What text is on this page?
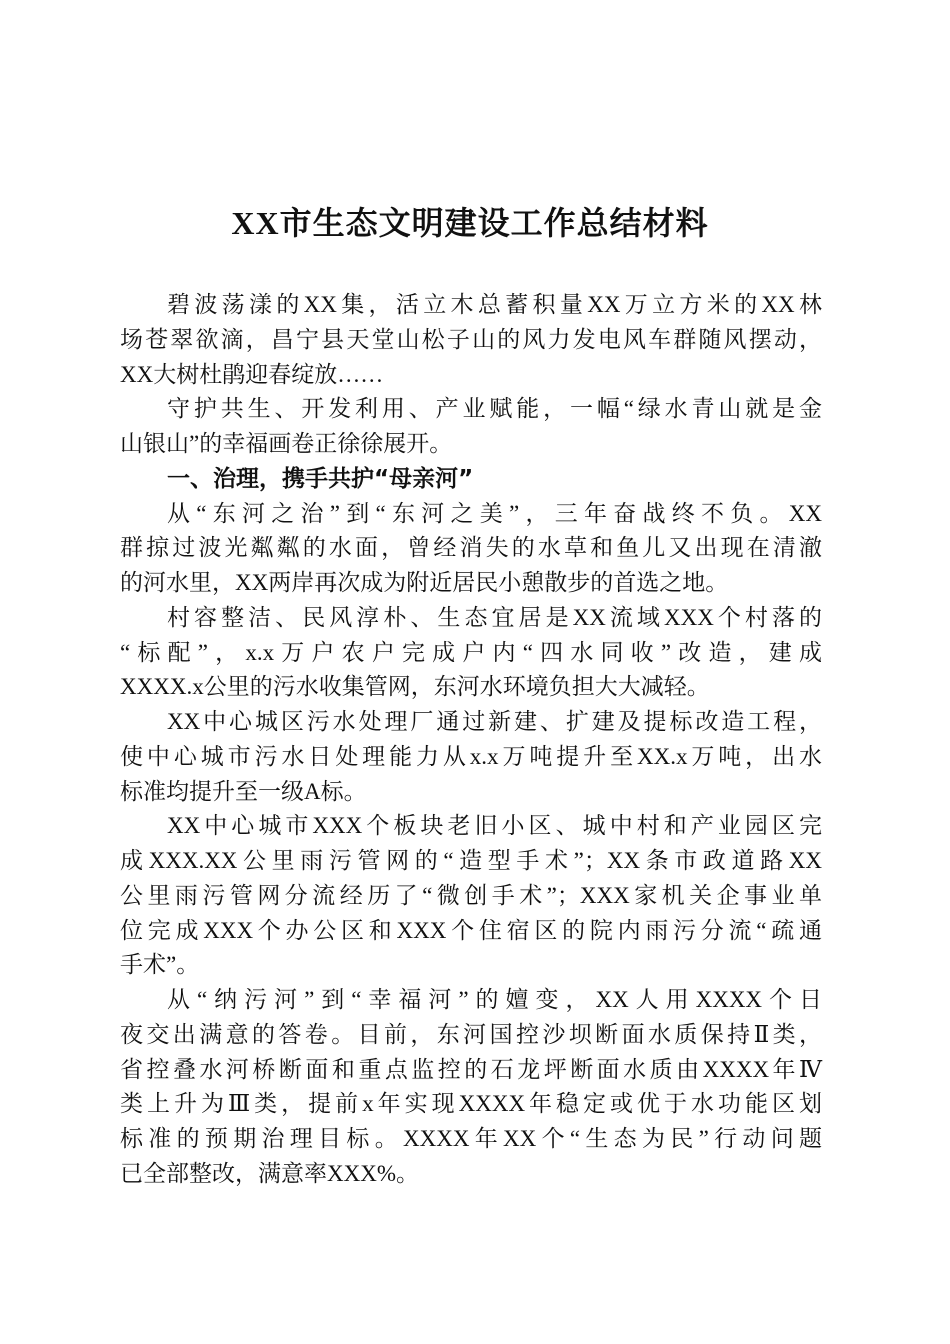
XX市生态文明建设工作总结材料
碧波荡漾的XX集，活立木总蓄积量XX万立方米的XX林
场苍翠欲滴，昌宁县天堂山松子山的风力发电风车群随风摆动，
XX大树杜鹃迎春绽放……
守护共生、开发利用、产业赋能，一幅“绿水青山就是金
山银山”的幸福画卷正徐徐展开。
一、治理，携手共护“母亲河”
从“东河之治”到“东河之美”，三年奋战终不负。XX
群掠过波光粼粼的水面，曾经消失的水草和鱼儿又出现在清澈
的河水里，XX两岸再次成为附近居民小憩散步的首选之地。
村容整洁、民风淳朴、生态宜居是XX流域XXX个村落的
“标配”，x.x万户农户完成户内“四水同收”改造，建成
XXXX.x公里的污水收集管网，东河水环境负担大大减轻。
XX中心城区污水处理厂通过新建、扩建及提标改造工程，
使中心城市污水日处理能力从x.x万吨提升至XX.x万吨，出水
标准均提升至一级A标。
XX中心城市XXX个板块老旧小区、城中村和产业园区完
成XXX.XX公里雨污管网的“造型手术”；XX条市政道路XX
公里雨污管网分流经历了“微创手术”；XXX家机关企事业单
位完成XXX个办公区和XXX个住宿区的院内雨污分流“疏通
手术”。
从“纳污河”到“幸福河”的嬗变，XX人用XXXX个日
夜交出满意的答卷。目前，东河国控沙坝断面水质保持Ⅱ类，
省控叠水河桥断面和重点监控的石龙坪断面水质由XXXX年Ⅳ
类上升为Ⅲ类，提前x年实现XXXX年稳定或优于水功能区划
标准的预期治理目标。XXXX年XX个“生态为民”行动问题
已全部整改，满意率XXX%。
